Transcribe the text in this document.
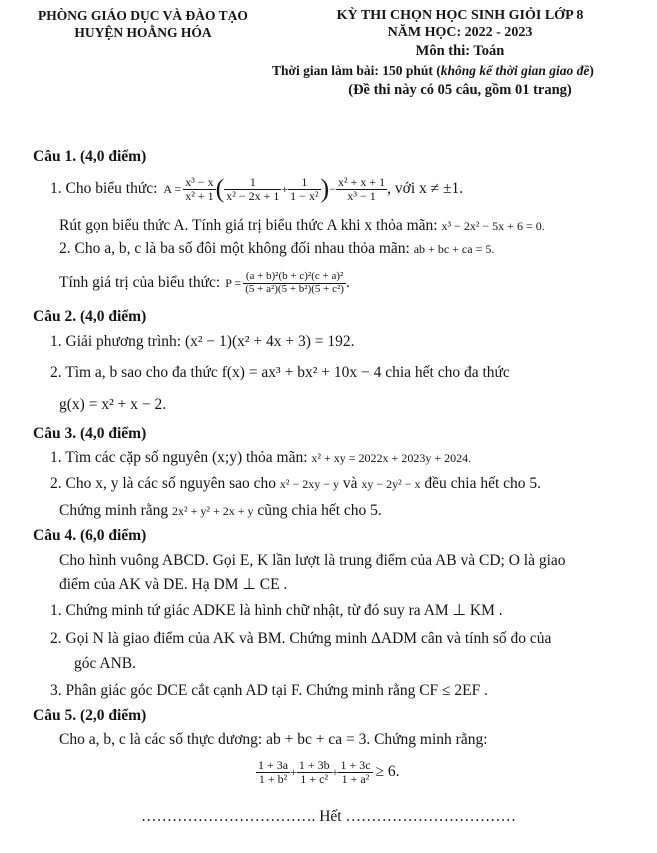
PHÒNG GIÁO DỤC VÀ ĐÀO TẠO
HUYỆN HOẰNG HÓA
KỲ THI CHỌN HỌC SINH GIỎI LỚP 8
NĂM HỌC: 2022 - 2023
Môn thi: Toán
Thời gian làm bài: 150 phút (không kể thời gian giao đề)
(Đề thi này có 05 câu, gồm 01 trang)
Câu 1. (4,0 điểm)
1. Cho biểu thức: $A = \frac{\text{x³ − x}}{\text{x² + 1}}$ ( $\frac{1}{\text{x² − 2x + 1}} + \frac{1}{\text{1 − x²}}$ ) − $\frac{\text{x² + x + 1}}{\text{x³ − 1}}$ , với x ≠ ±1.
Rút gọn biểu thức A. Tính giá trị biểu thức A khi x thỏa mãn: x³ − 2x² − 5x + 6 = 0.
2. Cho a, b, c là ba số đôi một không đối nhau thỏa mãn: ab + bc + ca = 5.
Tính giá trị của biểu thức: $P = \frac{\text{(a + b)²(b + c)²(c + a)²}}{\text{(5 + a²)(5 + b²)(5 + c²)}}$ .
Câu 2. (4,0 điểm)
1. Giải phương trình: (x² − 1)(x² + 4x + 3) = 192.
2. Tìm a, b sao cho đa thức f(x) = ax³ + bx² + 10x − 4 chia hết cho đa thức
g(x) = x² + x − 2.
Câu 3. (4,0 điểm)
1. Tìm các cặp số nguyên (x;y) thỏa mãn: x² + xy = 2022x + 2023y + 2024.
2. Cho x, y là các số nguyên sao cho x² − 2xy − y và xy − 2y² − x đều chia hết cho 5.
Chứng minh rằng 2x² + y² + 2x + y cũng chia hết cho 5.
Câu 4. (6,0 điểm)
Cho hình vuông ABCD. Gọi E, K lần lượt là trung điểm của AB và CD; O là giao
điểm của AK và DE. Hạ DM ⊥ CE .
1. Chứng minh tứ giác ADKE là hình chữ nhật, từ đó suy ra AM ⊥ KM .
2. Gọi N là giao điểm của AK và BM. Chứng minh ΔADM cân và tính số đo của
góc ANB.
3. Phân giác góc DCE cắt cạnh AD tại F. Chứng minh rằng CF ≤ 2EF .
Câu 5. (2,0 điểm)
Cho a, b, c là các số thực dương: ab + bc + ca = 3. Chứng minh rằng:
$\frac{1 + 3a}{\text{1 + b²}} + \frac{1 + 3b}{\text{1 + c²}} + \frac{1 + 3c}{\text{1 + a²}} \ge 6$.
……………………………. Hết ……………………………
